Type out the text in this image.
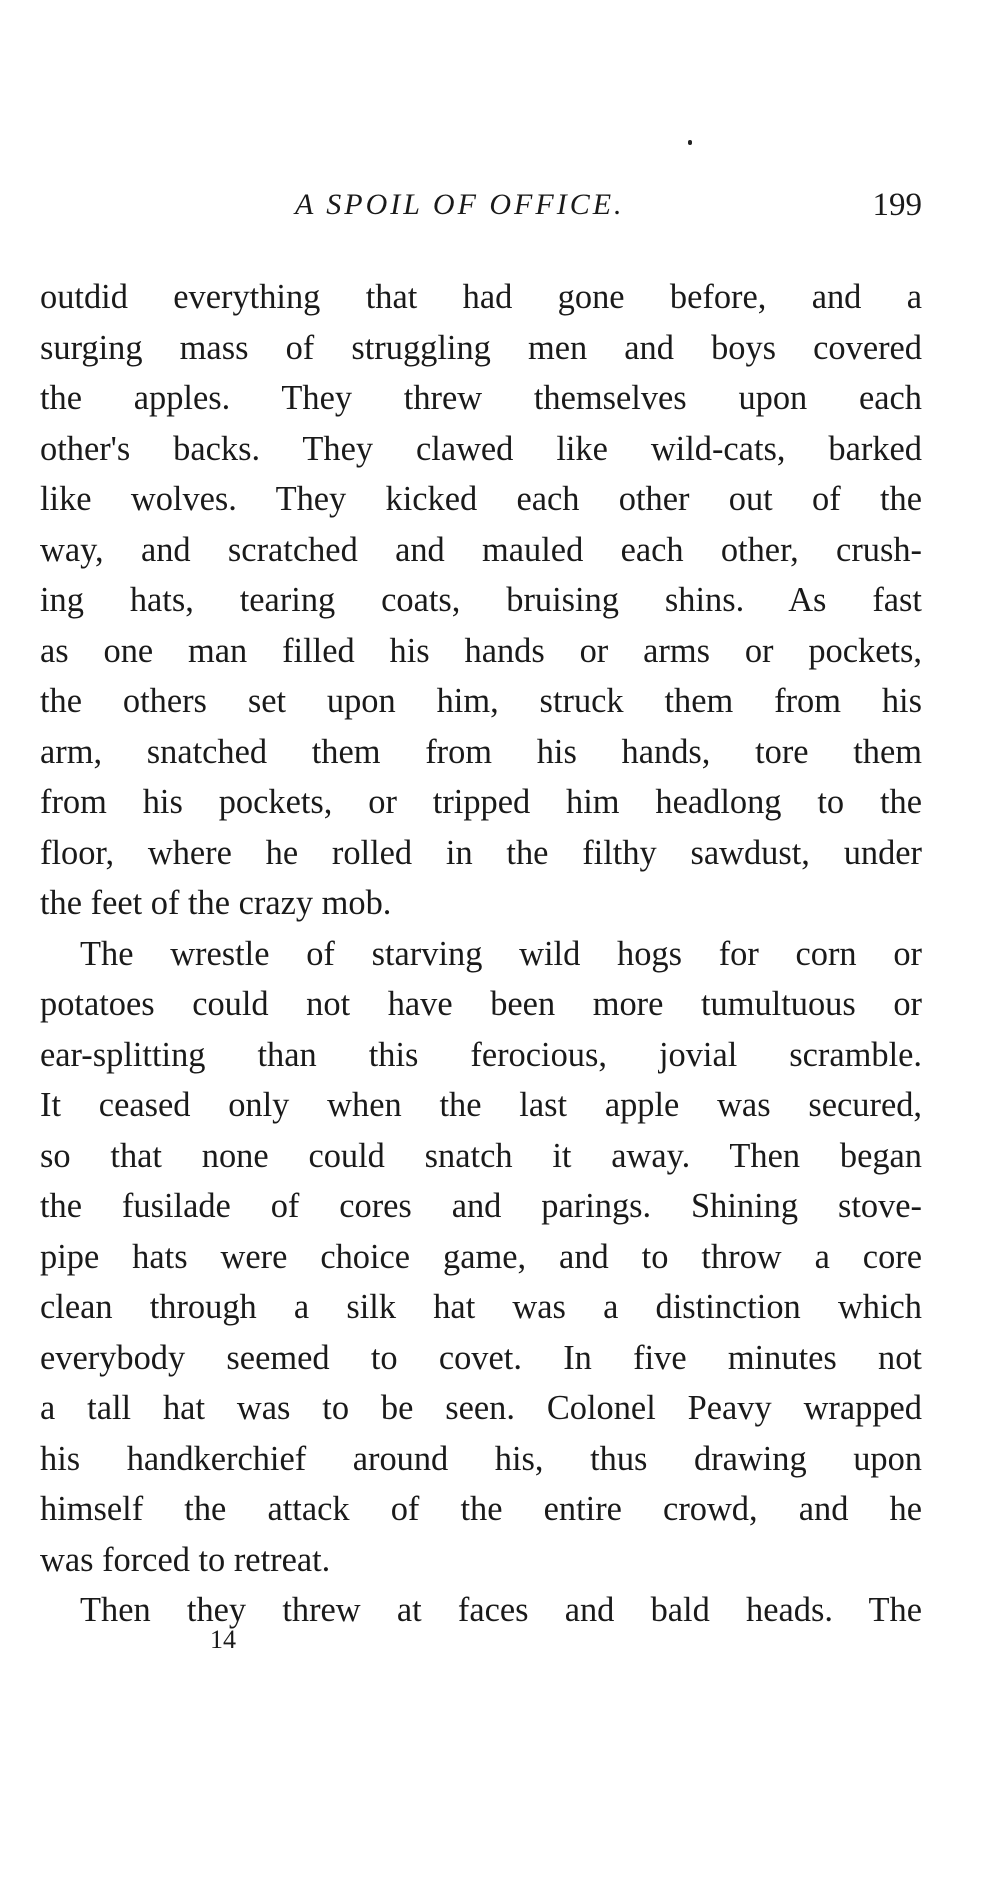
A SPOIL OF OFFICE.	199
outdid everything that had gone before, and a
surging mass of struggling men and boys covered
the apples. They threw themselves upon each
other's backs. They clawed like wild-cats, barked
like wolves. They kicked each other out of the
way, and scratched and mauled each other, crush-
ing hats, tearing coats, bruising shins. As fast
as one man filled his hands or arms or pockets,
the others set upon him, struck them from his
arm, snatched them from his hands, tore them
from his pockets, or tripped him headlong to the
floor, where he rolled in the filthy sawdust, under
the feet of the crazy mob.
The wrestle of starving wild hogs for corn or
potatoes could not have been more tumultuous or
ear-splitting than this ferocious, jovial scramble.
It ceased only when the last apple was secured,
so that none could snatch it away. Then began
the fusilade of cores and parings. Shining stove-
pipe hats were choice game, and to throw a core
clean through a silk hat was a distinction which
everybody seemed to covet. In five minutes not
a tall hat was to be seen. Colonel Peavy wrapped
his handkerchief around his, thus drawing upon
himself the attack of the entire crowd, and he
was forced to retreat.
Then they threw at faces and bald heads. The
14
